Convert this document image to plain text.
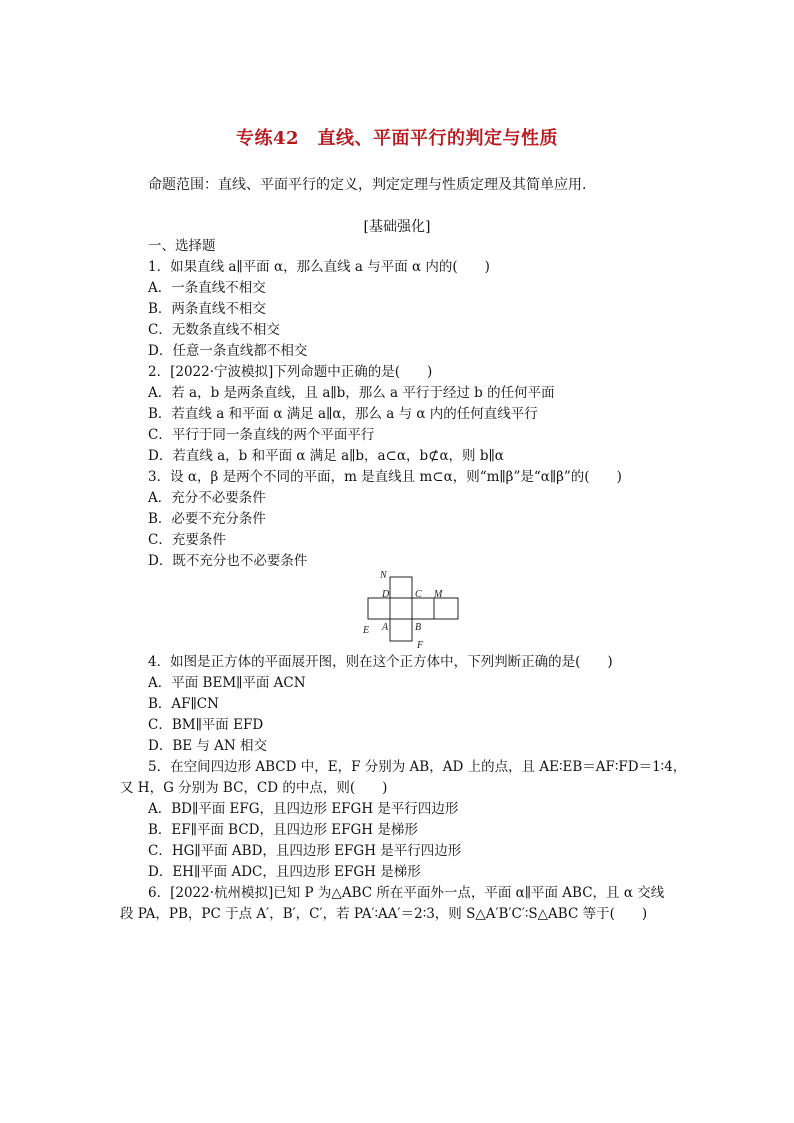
专练42　直线、平面平行的判定与性质
命题范围：直线、平面平行的定义，判定定理与性质定理及其简单应用.
[基础强化]
一、选择题
1．如果直线 a∥平面 α，那么直线 a 与平面 α 内的(　　)
A．一条直线不相交
B．两条直线不相交
C．无数条直线不相交
D．任意一条直线都不相交
2．[2022·宁波模拟]下列命题中正确的是(　　)
A．若 a，b 是两条直线，且 a∥b，那么 a 平行于经过 b 的任何平面
B．若直线 a 和平面 α 满足 a∥α，那么 a 与 α 内的任何直线平行
C．平行于同一条直线的两个平面平行
D．若直线 a，b 和平面 α 满足 a∥b，a⊂α，b⊄α，则 b∥α
3．设 α，β 是两个不同的平面，m 是直线且 m⊂α，则“m∥β”是“α∥β”的(　　)
A．充分不必要条件
B．必要不充分条件
C．充要条件
D．既不充分也不必要条件
N
D	C M
E A	B
F
4．如图是正方体的平面展开图，则在这个正方体中，下列判断正确的是(　　)
A．平面 BEM∥平面 ACN
B．AF∥CN
C．BM∥平面 EFD
D．BE 与 AN 相交
5．在空间四边形 ABCD 中，E，F 分别为 AB，AD 上的点，且 AE∶EB＝AF∶FD＝1∶4，
又 H，G 分别为 BC，CD 的中点，则(　　)
A．BD∥平面 EFG，且四边形 EFGH 是平行四边形
B．EF∥平面 BCD，且四边形 EFGH 是梯形
C．HG∥平面 ABD，且四边形 EFGH 是平行四边形
D．EH∥平面 ADC，且四边形 EFGH 是梯形
6．[2022·杭州模拟]已知 P 为△ABC 所在平面外一点，平面 α∥平面 ABC，且 α 交线
段 PA，PB，PC 于点 A′，B′，C′，若 PA′∶AA′＝2∶3，则 S△A′B′C′∶S△ABC 等于(　　)
